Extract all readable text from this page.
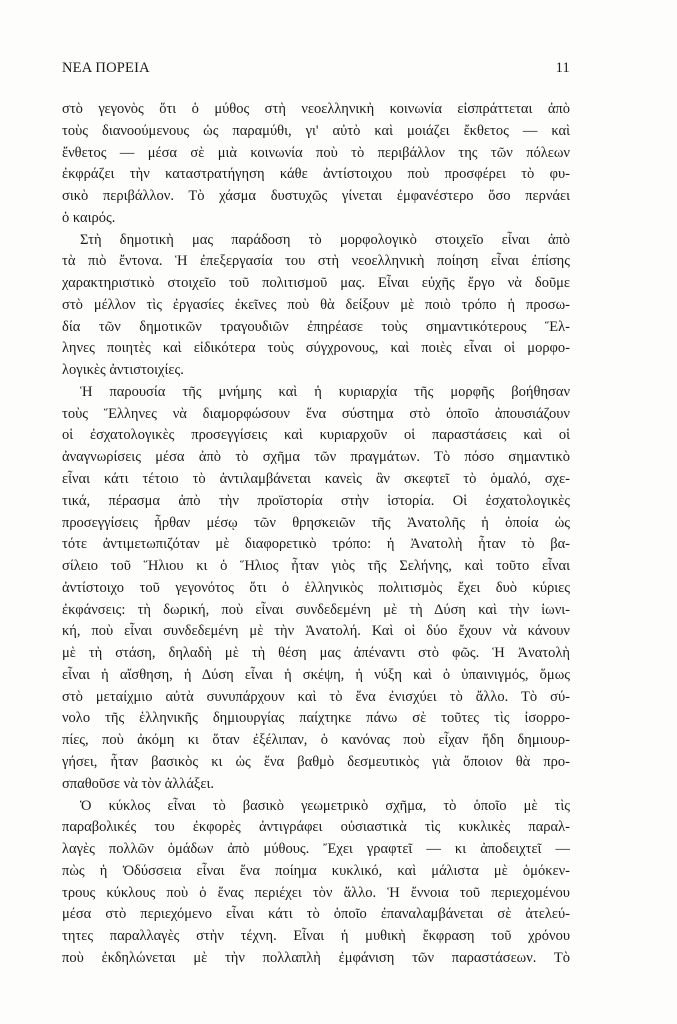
ΝΕΑ ΠΟΡΕΙΑ	11
στὸ γεγονὸς ὅτι ὁ μύθος στὴ νεοελληνικὴ κοινωνία εἰσπράττεται ἀπὸ
τοὺς διανοούμενους ὡς παραμύθι, γι' αὐτὸ καὶ μοιάζει ἔκθετος — καὶ
ἔνθετος — μέσα σὲ μιὰ κοινωνία ποὺ τὸ περιβάλλον της τῶν πόλεων
ἐκφράζει τὴν καταστρατήγηση κάθε ἀντίστοιχου ποὺ προσφέρει τὸ φυ-
σικὸ περιβάλλον. Τὸ χάσμα δυστυχῶς γίνεται ἐμφανέστερο ὅσο περνάει
ὁ καιρός.
Στὴ δημοτικὴ μας παράδοση τὸ μορφολογικὸ στοιχεῖο εἶναι ἀπὸ
τὰ πιὸ ἔντονα. Ἡ ἐπεξεργασία του στὴ νεοελληνικὴ ποίηση εἶναι ἐπίσης
χαρακτηριστικὸ στοιχεῖο τοῦ πολιτισμοῦ μας. Εἶναι εὐχῆς ἔργο νὰ δοῦμε
στὸ μέλλον τὶς ἐργασίες ἐκεῖνες ποὺ θὰ δείξουν μὲ ποιὸ τρόπο ἡ προσω-
δία τῶν δημοτικῶν τραγουδιῶν ἐπηρέασε τοὺς σημαντικότερους Ἕλ-
ληνες ποιητὲς καὶ εἰδικότερα τοὺς σύγχρονους, καὶ ποιὲς εἶναι οἱ μορφο-
λογικὲς ἀντιστοιχίες.
Ἡ παρουσία τῆς μνήμης καὶ ἡ κυριαρχία τῆς μορφῆς βοήθησαν
τοὺς Ἕλληνες νὰ διαμορφώσουν ἕνα σύστημα στὸ ὁποῖο ἀπουσιάζουν
οἱ ἐσχατολογικὲς προσεγγίσεις καὶ κυριαρχοῦν οἱ παραστάσεις καὶ οἱ
ἀναγνωρίσεις μέσα ἀπὸ τὸ σχῆμα τῶν πραγμάτων. Τὸ πόσο σημαντικὸ
εἶναι κάτι τέτοιο τὸ ἀντιλαμβάνεται κανεὶς ἂν σκεφτεῖ τὸ ὁμαλό, σχε-
τικά, πέρασμα ἀπὸ τὴν προϊστορία στὴν ἱστορία. Οἱ ἐσχατολογικὲς
προσεγγίσεις ἦρθαν μέσῳ τῶν θρησκειῶν τῆς Ἀνατολῆς ἡ ὁποία ὡς
τότε ἀντιμετωπιζόταν μὲ διαφορετικὸ τρόπο: ἡ Ἀνατολὴ ἦταν τὸ βα-
σίλειο τοῦ Ἥλιου κι ὁ Ἥλιος ἦταν γιὸς τῆς Σελήνης, καὶ τοῦτο εἶναι
ἀντίστοιχο τοῦ γεγονότος ὅτι ὁ ἑλληνικὸς πολιτισμὸς ἔχει δυὸ κύριες
ἐκφάνσεις: τὴ δωρική, ποὺ εἶναι συνδεδεμένη μὲ τὴ Δύση καὶ τὴν ἰωνι-
κή, ποὺ εἶναι συνδεδεμένη μὲ τὴν Ἀνατολή. Καὶ οἱ δύο ἔχουν νὰ κάνουν
μὲ τὴ στάση, δηλαδὴ μὲ τὴ θέση μας ἀπέναντι στὸ φῶς. Ἡ Ἀνατολὴ
εἶναι ἡ αἴσθηση, ἡ Δύση εἶναι ἡ σκέψη, ἡ νύξη καὶ ὁ ὑπαινιγμός, ὅμως
στὸ μεταίχμιο αὐτὰ συνυπάρχουν καὶ τὸ ἕνα ἐνισχύει τὸ ἄλλο. Τὸ σύ-
νολο τῆς ἑλληνικῆς δημιουργίας παίχτηκε πάνω σὲ τοῦτες τὶς ἰσορρο-
πίες, ποὺ ἀκόμη κι ὅταν ἐξέλιπαν, ὁ κανόνας ποὺ εἶχαν ἤδη δημιουρ-
γήσει, ἦταν βασικὸς κι ὡς ἕνα βαθμὸ δεσμευτικὸς γιὰ ὅποιον θὰ προ-
σπαθοῦσε νὰ τὸν ἀλλάξει.
Ὁ κύκλος εἶναι τὸ βασικὸ γεωμετρικὸ σχῆμα, τὸ ὁποῖο μὲ τὶς
παραβολικές του ἐκφορὲς ἀντιγράφει οὐσιαστικὰ τὶς κυκλικὲς παραλ-
λαγὲς πολλῶν ὁμάδων ἀπὸ μύθους. Ἔχει γραφτεῖ — κι ἀποδειχτεῖ —
πὼς ἡ Ὀδύσσεια εἶναι ἕνα ποίημα κυκλικό, καὶ μάλιστα μὲ ὁμόκεν-
τρους κύκλους ποὺ ὁ ἕνας περιέχει τὸν ἄλλο. Ἡ ἔννοια τοῦ περιεχομένου
μέσα στὸ περιεχόμενο εἶναι κάτι τὸ ὁποῖο ἐπαναλαμβάνεται σὲ ἀτελεύ-
τητες παραλλαγὲς στὴν τέχνη. Εἶναι ἡ μυθικὴ ἔκφραση τοῦ χρόνου
ποὺ ἐκδηλώνεται μὲ τὴν πολλαπλὴ ἐμφάνιση τῶν παραστάσεων. Τὸ
